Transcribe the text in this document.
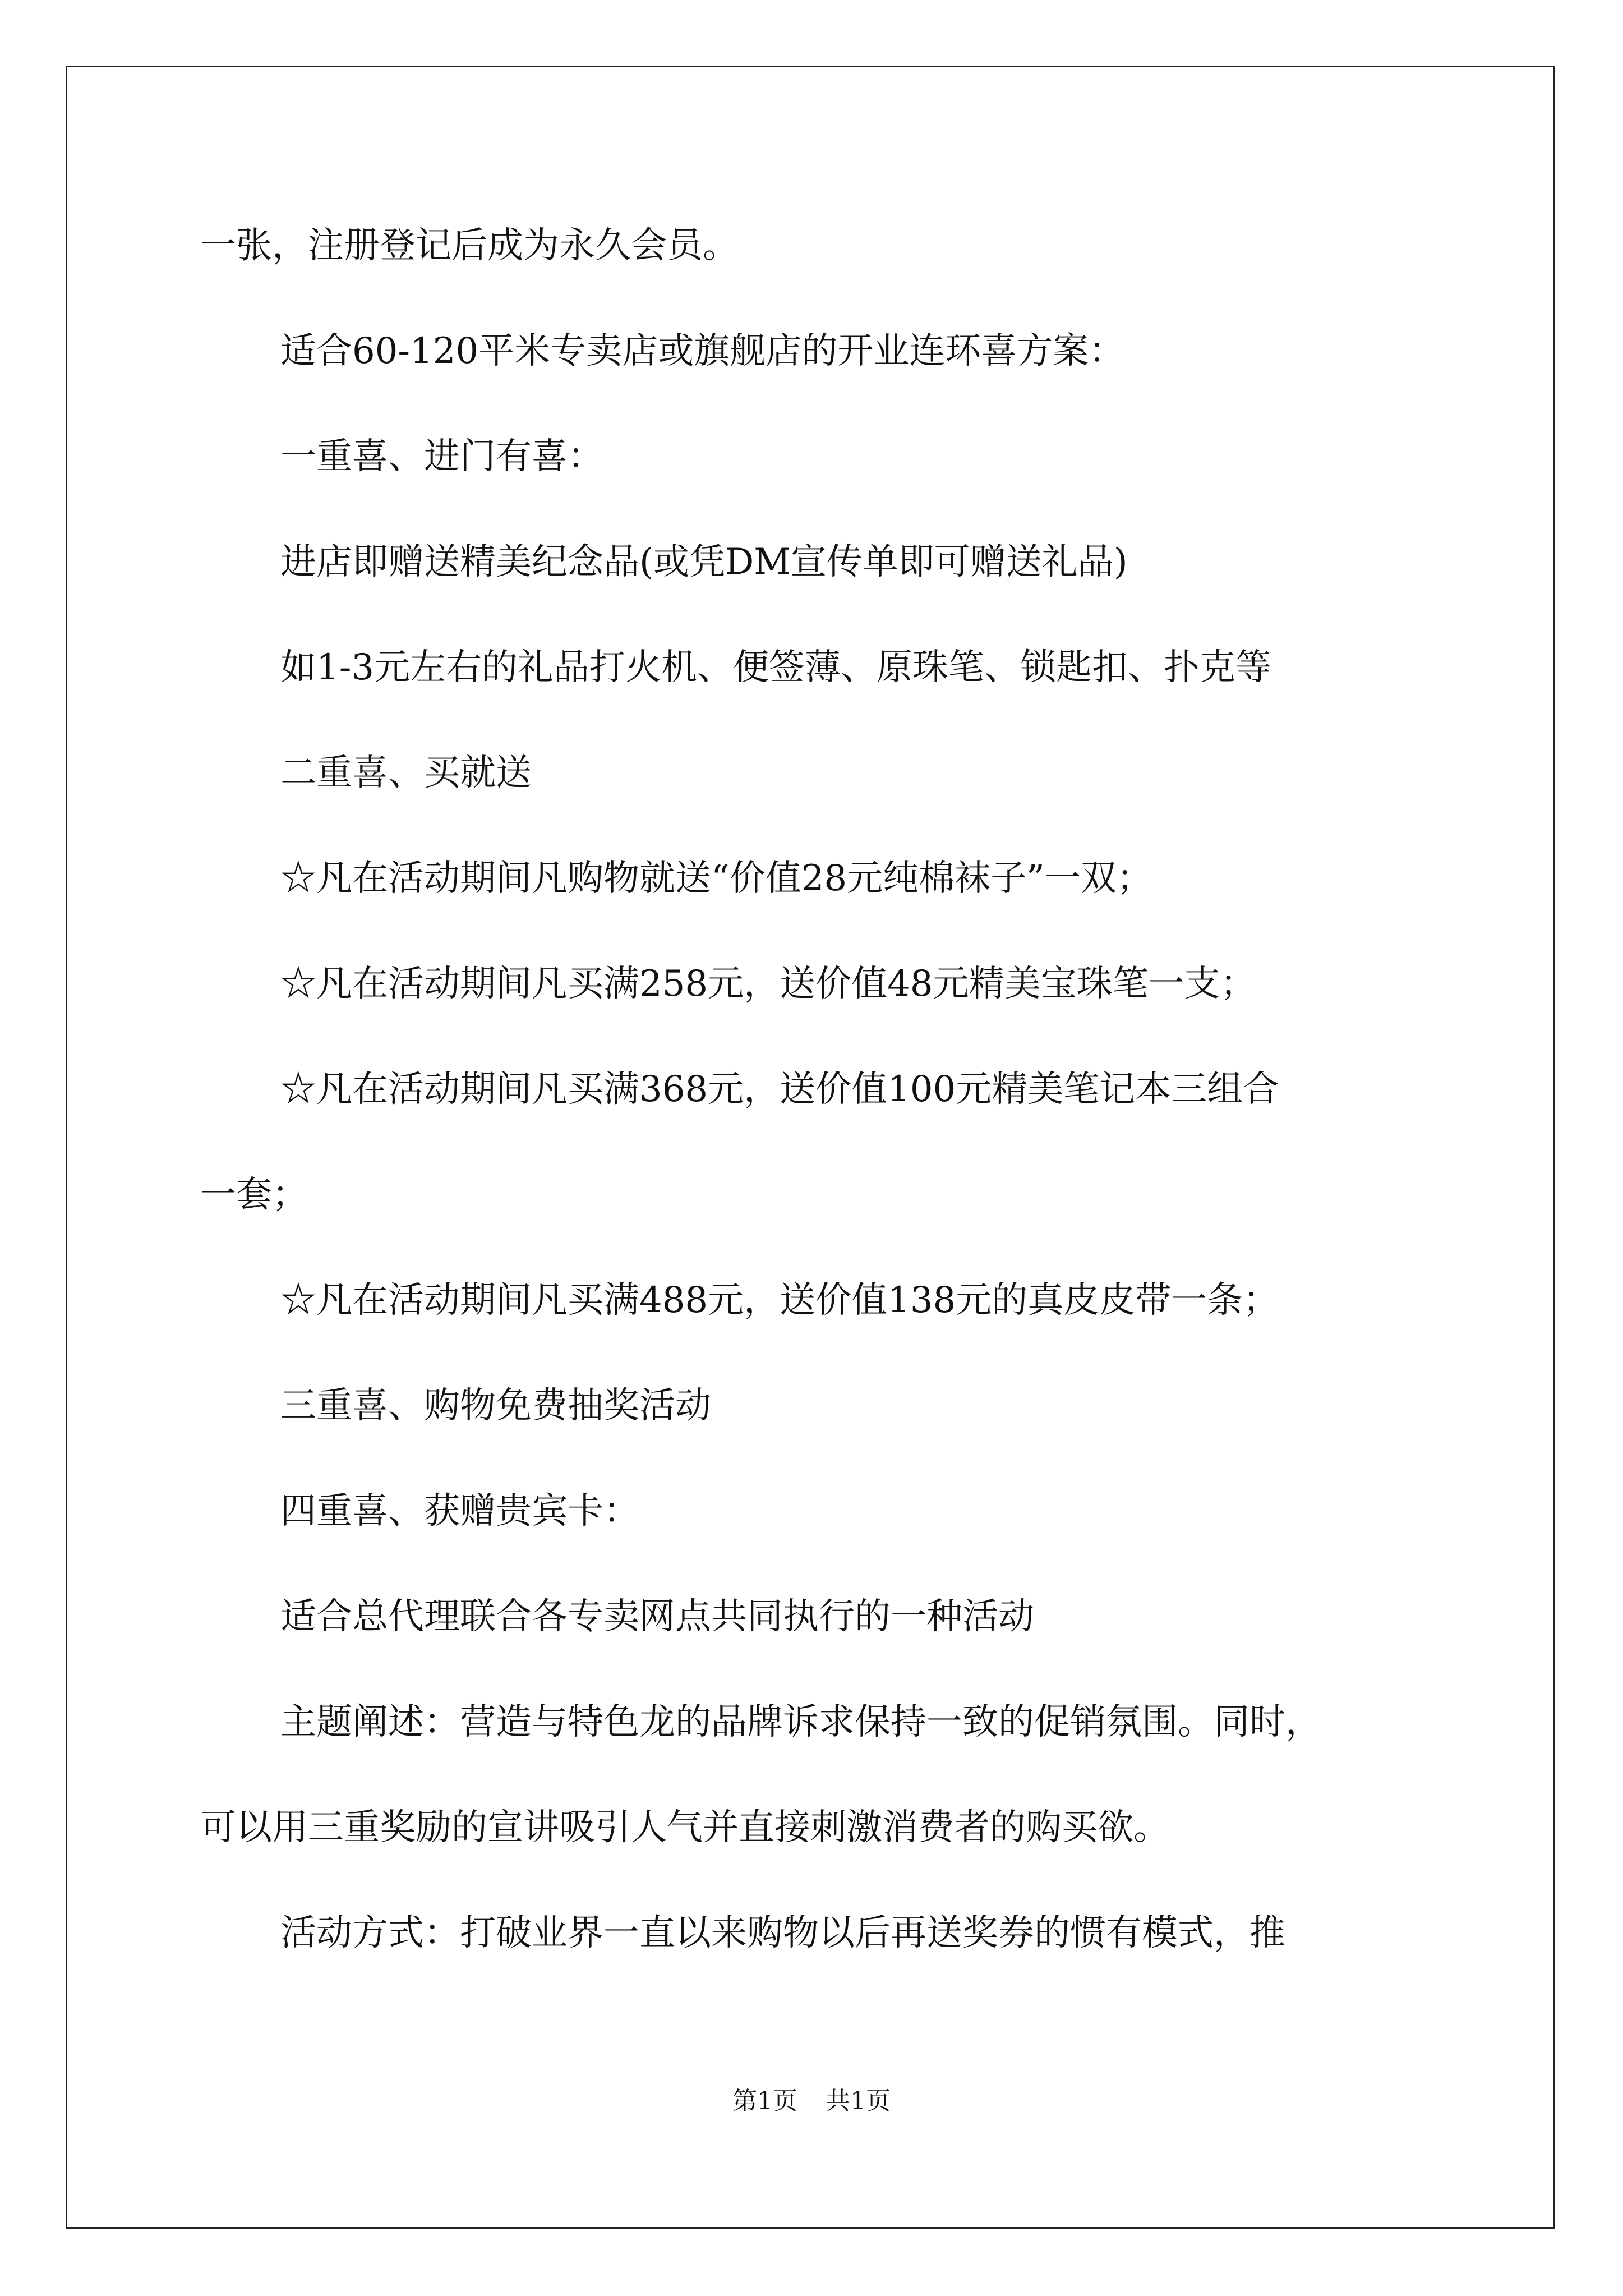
一张，注册登记后成为永久会员。

适合60-120平米专卖店或旗舰店的开业连环喜方案：

一重喜、进门有喜：

进店即赠送精美纪念品(或凭DM宣传单即可赠送礼品)

如1-3元左右的礼品打火机、便签薄、原珠笔、锁匙扣、扑克等

二重喜、买就送

☆凡在活动期间凡购物就送“价值28元纯棉袜子”一双；

☆凡在活动期间凡买满258元，送价值48元精美宝珠笔一支；

☆凡在活动期间凡买满368元，送价值100元精美笔记本三组合

一套；

☆凡在活动期间凡买满488元，送价值138元的真皮皮带一条；

三重喜、购物免费抽奖活动

四重喜、获赠贵宾卡：

适合总代理联合各专卖网点共同执行的一种活动

主题阐述：营造与特色龙的品牌诉求保持一致的促销氛围。同时，

可以用三重奖励的宣讲吸引人气并直接刺激消费者的购买欲。

活动方式：打破业界一直以来购物以后再送奖券的惯有模式，推

第1页 共1页
